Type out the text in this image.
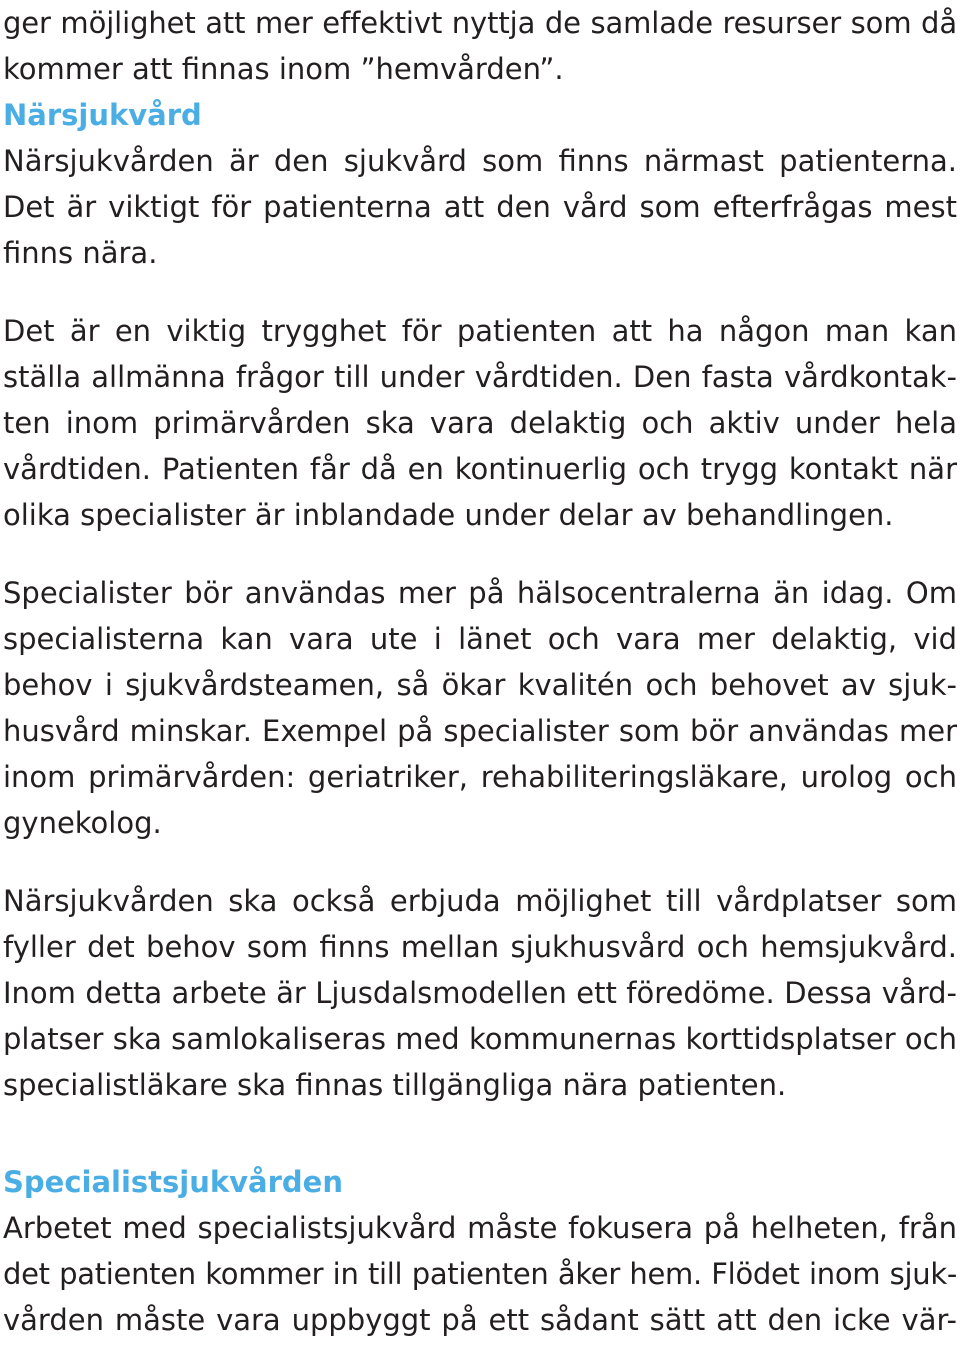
ger möjlighet att mer effektivt nyttja de samlade resurser som då
kommer att finnas inom ”hemvården”.
Närsjukvård
Närsjukvården är den sjukvård som finns närmast patienterna.
Det är viktigt för patienterna att den vård som efterfrågas mest
finns nära.
Det är en viktig trygghet för patienten att ha någon man kan
ställa allmänna frågor till under vårdtiden. Den fasta vårdkontak-
ten inom primärvården ska vara delaktig och aktiv under hela
vårdtiden. Patienten får då en kontinuerlig och trygg kontakt när
olika specialister är inblandade under delar av behandlingen.
Specialister bör användas mer på hälsocentralerna än idag. Om
specialisterna kan vara ute i länet och vara mer delaktig, vid
behov i sjukvårdsteamen, så ökar kvalitén och behovet av sjuk-
husvård minskar. Exempel på specialister som bör användas mer
inom primärvården: geriatriker, rehabiliteringsläkare, urolog och
gynekolog.
Närsjukvården ska också erbjuda möjlighet till vårdplatser som
fyller det behov som finns mellan sjukhusvård och hemsjukvård.
Inom detta arbete är Ljusdalsmodellen ett föredöme. Dessa vård-
platser ska samlokaliseras med kommunernas korttidsplatser och
specialistläkare ska finnas tillgängliga nära patienten.
Specialistsjukvården
Arbetet med specialistsjukvård måste fokusera på helheten, från
det patienten kommer in till patienten åker hem. Flödet inom sjuk-
vården måste vara uppbyggt på ett sådant sätt att den icke vär-
